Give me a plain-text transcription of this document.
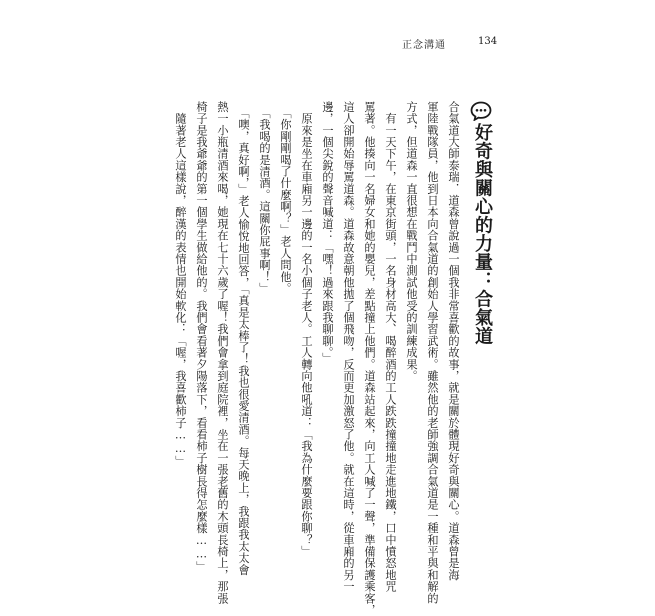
正念溝通	134
好奇與關心的力量：合氣道
合氣道大師泰瑞．道森曾說過一個我非常喜歡的故事，就是關於體現好奇與關心。道森曾是海
軍陸戰隊員，他到日本向合氣道的創始人學習武術。雖然他的老師強調合氣道是一種和平與和解的
方式，但道森一直很想在戰鬥中測試他受的訓練成果。
　有一天下午，在東京街頭，一名身材高大、喝醉酒的工人跌跌撞撞地走進地鐵，口中憤怒地咒
罵著。他揍向一名婦女和她的嬰兒，差點撞上他們。道森站起來，向工人喊了一聲，準備保護乘客，
這人卻開始辱罵道森。道森故意朝他拋了個飛吻，反而更加激怒了他。就在這時，從車廂的另一
邊，一個尖銳的聲音喊道：「嘿！過來跟我聊聊。」
　原來是坐在車廂另一邊的一名小個子老人。工人轉向他吼道：「我為什麼要跟你聊？」
　「你剛剛喝了什麼啊？」老人問他。
　「我喝的是清酒。這關你屁事啊！」
　「噢，真好啊，」老人愉悅地回答，「真是太棒了！我也很愛清酒。每天晚上，我跟我太太會
熱一小瓶清酒來喝，她現在七十六歲了喔！我們會拿到庭院裡，坐在一張老舊的木頭長椅上，那張
椅子是我爺爺的第一個學生做給他的。我們會看著夕陽落下，看看柿子樹長得怎麼樣……」
　隨著老人這樣說，醉漢的表情也開始軟化：「喔，我喜歡柿子……」
